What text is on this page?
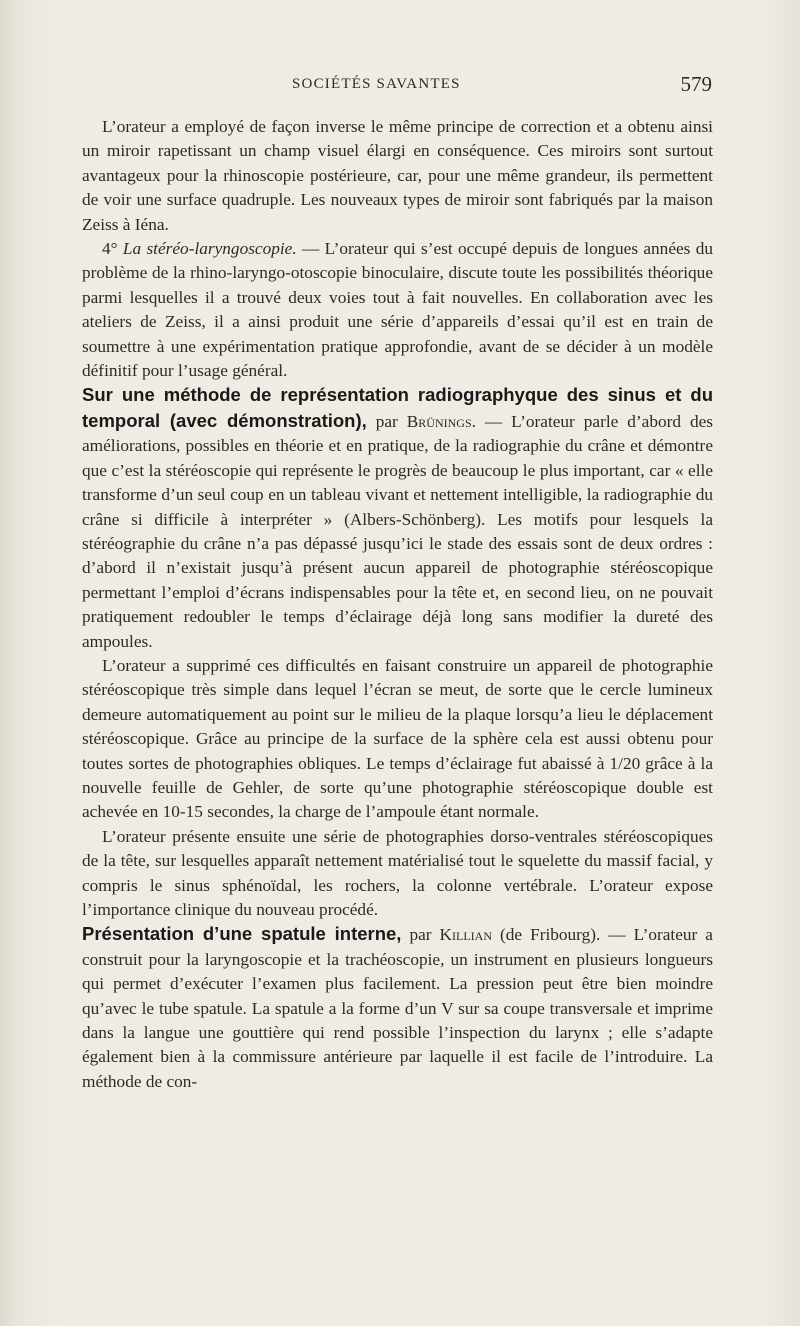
SOCIÉTÉS SAVANTES	579

L’orateur a employé de façon inverse le même principe de correction et a obtenu ainsi un miroir rapetissant un champ visuel élargi en conséquence. Ces miroirs sont surtout avantageux pour la rhinoscopie postérieure, car, pour une même grandeur, ils permettent de voir une surface quadruple. Les nouveaux types de miroir sont fabriqués par la maison Zeiss à Iéna.

4° La stéréo-laryngoscopie. — L’orateur qui s’est occupé depuis de longues années du problème de la rhino-laryngo-otoscopie binoculaire, discute toute les possibilités théorique parmi lesquelles il a trouvé deux voies tout à fait nouvelles. En collaboration avec les ateliers de Zeiss, il a ainsi produit une série d’appareils d’essai qu’il est en train de soumettre à une expérimentation pratique approfondie, avant de se décider à un modèle définitif pour l’usage général.

Sur une méthode de représentation radiographyque des sinus et du temporal (avec démonstration), par Brünings. — L’orateur parle d’abord des améliorations, possibles en théorie et en pratique, de la radiographie du crâne et démontre que c’est la stéréoscopie qui représente le progrès de beaucoup le plus important, car « elle transforme d’un seul coup en un tableau vivant et nettement intelligible, la radiographie du crâne si difficile à interpréter » (Albers-Schönberg). Les motifs pour lesquels la stéréographie du crâne n’a pas dépassé jusqu’ici le stade des essais sont de deux ordres : d’abord il n’existait jusqu’à présent aucun appareil de photographie stéréoscopique permettant l’emploi d’écrans indispensables pour la tête et, en second lieu, on ne pouvait pratiquement redoubler le temps d’éclairage déjà long sans modifier la dureté des ampoules.

L’orateur a supprimé ces difficultés en faisant construire un appareil de photographie stéréoscopique très simple dans lequel l’écran se meut, de sorte que le cercle lumineux demeure automatiquement au point sur le milieu de la plaque lorsqu’a lieu le déplacement stéréoscopique. Grâce au principe de la surface de la sphère cela est aussi obtenu pour toutes sortes de photographies obliques. Le temps d’éclairage fut abaissé à 1/20 grâce à la nouvelle feuille de Gehler, de sorte qu’une photographie stéréoscopique double est achevée en 10-15 secondes, la charge de l’ampoule étant normale.

L’orateur présente ensuite une série de photographies dorso-ventrales stéréoscopiques de la tête, sur lesquelles apparaît nettement matérialisé tout le squelette du massif facial, y compris le sinus sphénoïdal, les rochers, la colonne vertébrale. L’orateur expose l’importance clinique du nouveau procédé.

Présentation d’une spatule interne, par Killian (de Fribourg). — L’orateur a construit pour la laryngoscopie et la trachéoscopie, un instrument en plusieurs longueurs qui permet d’exécuter l’examen plus facilement. La pression peut être bien moindre qu’avec le tube spatule. La spatule a la forme d’un V sur sa coupe transversale et imprime dans la langue une gouttière qui rend possible l’inspection du larynx ; elle s’adapte également bien à la commissure antérieure par laquelle il est facile de l’introduire. La méthode de con-
